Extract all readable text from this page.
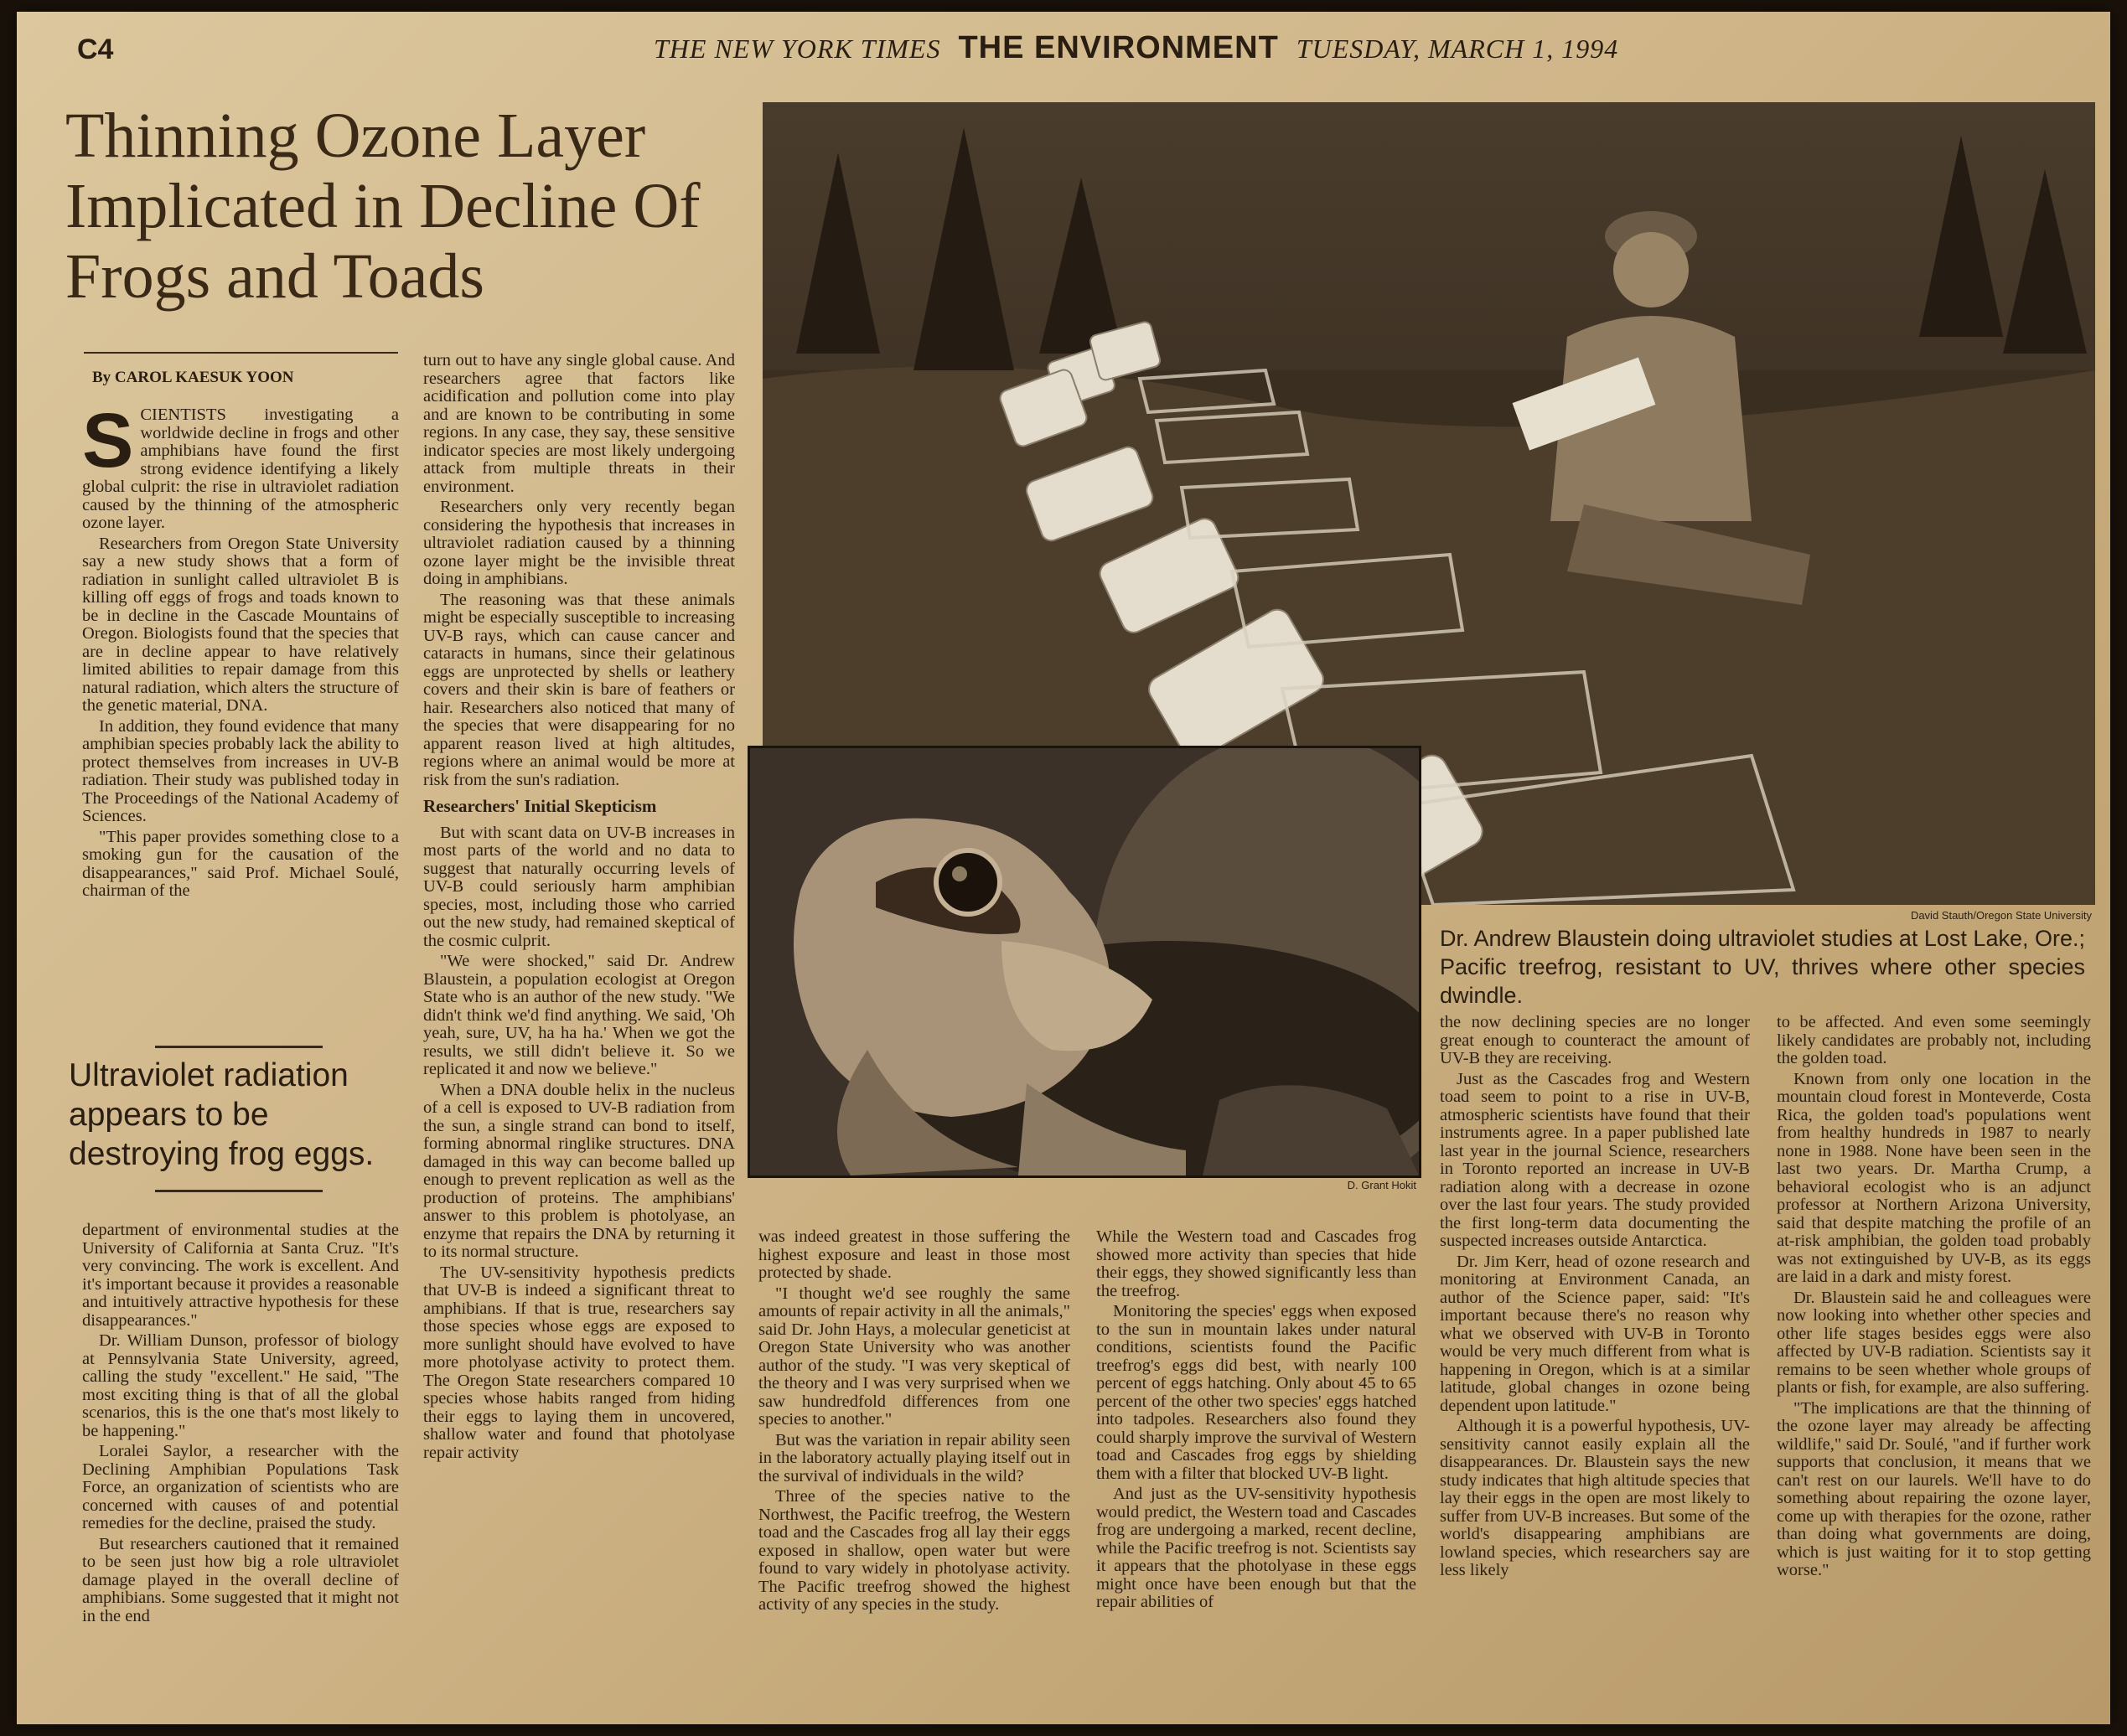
C4	THE NEW YORK TIMES THE ENVIRONMENT TUESDAY, MARCH 1, 1994
Thinning Ozone Layer Implicated in Decline Of Frogs and Toads
By CAROL KAESUK YOON

SCIENTISTS investigating a worldwide decline in frogs and other amphibians have found the first strong evidence identifying a likely global culprit: the rise in ultraviolet radiation caused by the thinning of the atmospheric ozone layer.

Researchers from Oregon State University say a new study shows that a form of radiation in sunlight called ultraviolet B is killing off eggs of frogs and toads known to be in decline in the Cascade Mountains of Oregon. Biologists found that the species that are in decline appear to have relatively limited abilities to repair damage from this natural radiation, which alters the structure of the genetic material, DNA.

In addition, they found evidence that many amphibian species probably lack the ability to protect themselves from increases in UV-B radiation. Their study was published today in The Proceedings of the National Academy of Sciences.

"This paper provides something close to a smoking gun for the causation of the disappearances," said Prof. Michael Soulé, chairman of the

Ultraviolet radiation appears to be destroying frog eggs.

department of environmental studies at the University of California at Santa Cruz. "It's very convincing. The work is excellent. And it's important because it provides a reasonable and intuitively attractive hypothesis for these disappearances."

Dr. William Dunson, professor of biology at Pennsylvania State University, agreed, calling the study "excellent." He said, "The most exciting thing is that of all the global scenarios, this is the one that's most likely to be happening."

Loralei Saylor, a researcher with the Declining Amphibian Populations Task Force, an organization of scientists who are concerned with causes of and potential remedies for the decline, praised the study.

But researchers cautioned that it remained to be seen just how big a role ultraviolet damage played in the overall decline of amphibians. Some suggested that it might not in the end

turn out to have any single global cause. And researchers agree that factors like acidification and pollution come into play and are known to be contributing in some regions. In any case, they say, these sensitive indicator species are most likely undergoing attack from multiple threats in their environment.

Researchers only very recently began considering the hypothesis that increases in ultraviolet radiation caused by a thinning ozone layer might be the invisible threat doing in amphibians.

The reasoning was that these animals might be especially susceptible to increasing UV-B rays, which can cause cancer and cataracts in humans, since their gelatinous eggs are unprotected by shells or leathery covers and their skin is bare of feathers or hair. Researchers also noticed that many of the species that were disappearing for no apparent reason lived at high altitudes, regions where an animal would be more at risk from the sun's radiation.

Researchers' Initial Skepticism

But with scant data on UV-B increases in most parts of the world and no data to suggest that naturally occurring levels of UV-B could seriously harm amphibian species, most, including those who carried out the new study, had remained skeptical of the cosmic culprit.

"We were shocked," said Dr. Andrew Blaustein, a population ecologist at Oregon State who is an author of the new study. "We didn't think we'd find anything. We said, 'Oh yeah, sure, UV, ha ha ha.' When we got the results, we still didn't believe it. So we replicated it and now we believe."

When a DNA double helix in the nucleus of a cell is exposed to UV-B radiation from the sun, a single strand can bond to itself, forming abnormal ringlike structures. DNA damaged in this way can become balled up enough to prevent replication as well as the production of proteins. The amphibians' answer to this problem is photolyase, an enzyme that repairs the DNA by returning it to its normal structure.

The UV-sensitivity hypothesis predicts that UV-B is indeed a significant threat to amphibians. If that is true, researchers say those species whose eggs are exposed to more sunlight should have evolved to have more photolyase activity to protect them. The Oregon State researchers compared 10 species whose habits ranged from hiding their eggs to laying them in uncovered, shallow water and found that photolyase repair activity

David Stauth/Oregon State University
D. Grant Hokit
Dr. Andrew Blaustein doing ultraviolet studies at Lost Lake, Ore.; Pacific treefrog, resistant to UV, thrives where other species dwindle.

was indeed greatest in those suffering the highest exposure and least in those most protected by shade.

"I thought we'd see roughly the same amounts of repair activity in all the animals," said Dr. John Hays, a molecular geneticist at Oregon State University who was another author of the study. "I was very skeptical of the theory and I was very surprised when we saw hundredfold differences from one species to another."

But was the variation in repair ability seen in the laboratory actually playing itself out in the survival of individuals in the wild?

Three of the species native to the Northwest, the Pacific treefrog, the Western toad and the Cascades frog all lay their eggs exposed in shallow, open water but were found to vary widely in photolyase activity. The Pacific treefrog showed the highest activity of any species in the study.

While the Western toad and Cascades frog showed more activity than species that hide their eggs, they showed significantly less than the treefrog.

Monitoring the species' eggs when exposed to the sun in mountain lakes under natural conditions, scientists found the Pacific treefrog's eggs did best, with nearly 100 percent of eggs hatching. Only about 45 to 65 percent of the other two species' eggs hatched into tadpoles. Researchers also found they could sharply improve the survival of Western toad and Cascades frog eggs by shielding them with a filter that blocked UV-B light.

And just as the UV-sensitivity hypothesis would predict, the Western toad and Cascades frog are undergoing a marked, recent decline, while the Pacific treefrog is not. Scientists say it appears that the photolyase in these eggs might once have been enough but that the repair abilities of

the now declining species are no longer great enough to counteract the amount of UV-B they are receiving.

Just as the Cascades frog and Western toad seem to point to a rise in UV-B, atmospheric scientists have found that their instruments agree. In a paper published late last year in the journal Science, researchers in Toronto reported an increase in UV-B radiation along with a decrease in ozone over the last four years. The study provided the first long-term data documenting the suspected increases outside Antarctica.

Dr. Jim Kerr, head of ozone research and monitoring at Environment Canada, an author of the Science paper, said: "It's important because there's no reason why what we observed with UV-B in Toronto would be very much different from what is happening in Oregon, which is at a similar latitude, global changes in ozone being dependent upon latitude."

Although it is a powerful hypothesis, UV-sensitivity cannot easily explain all the disappearances. Dr. Blaustein says the new study indicates that high altitude species that lay their eggs in the open are most likely to suffer from UV-B increases. But some of the world's disappearing amphibians are lowland species, which researchers say are less likely

to be affected. And even some seemingly likely candidates are probably not, including the golden toad.

Known from only one location in the mountain cloud forest in Monteverde, Costa Rica, the golden toad's populations went from healthy hundreds in 1987 to nearly none in 1988. None have been seen in the last two years. Dr. Martha Crump, a behavioral ecologist who is an adjunct professor at Northern Arizona University, said that despite matching the profile of an at-risk amphibian, the golden toad probably was not extinguished by UV-B, as its eggs are laid in a dark and misty forest.

Dr. Blaustein said he and colleagues were now looking into whether other species and other life stages besides eggs were also affected by UV-B radiation. Scientists say it remains to be seen whether whole groups of plants or fish, for example, are also suffering.

"The implications are that the thinning of the ozone layer may already be affecting wildlife," said Dr. Soulé, "and if further work supports that conclusion, it means that we can't rest on our laurels. We'll have to do something about repairing the ozone layer, come up with therapies for the ozone, rather than doing what governments are doing, which is just waiting for it to stop getting worse."
